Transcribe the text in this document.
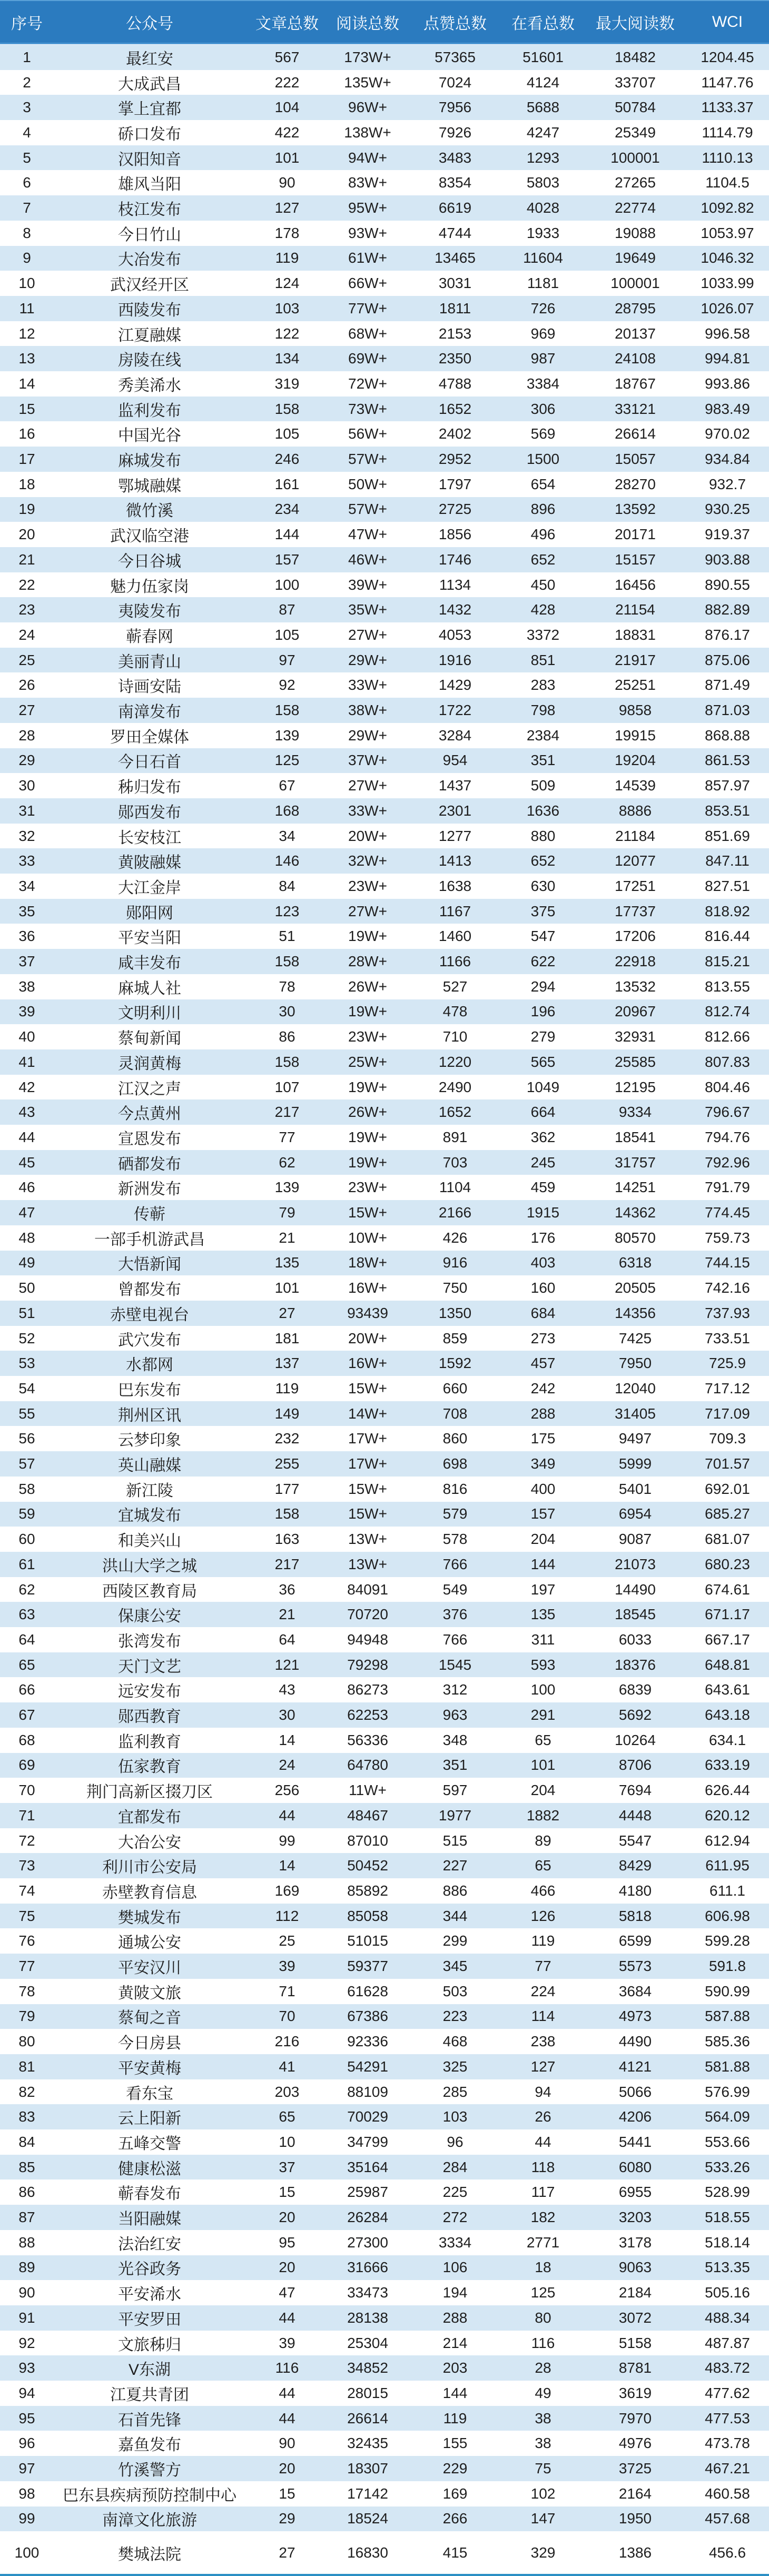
序号	公众号	文章总数	阅读总数	点赞总数	在看总数	最大阅读数	WCI
1	最红安	567	173W+	57365	51601	18482	1204.45
2	大成武昌	222	135W+	7024	4124	33707	1147.76
3	掌上宜都	104	96W+	7956	5688	50784	1133.37
4	硚口发布	422	138W+	7926	4247	25349	1114.79
5	汉阳知音	101	94W+	3483	1293	100001	1110.13
6	雄风当阳	90	83W+	8354	5803	27265	1104.5
7	枝江发布	127	95W+	6619	4028	22774	1092.82
8	今日竹山	178	93W+	4744	1933	19088	1053.97
9	大冶发布	119	61W+	13465	11604	19649	1046.32
10	武汉经开区	124	66W+	3031	1181	100001	1033.99
11	西陵发布	103	77W+	1811	726	28795	1026.07
12	江夏融媒	122	68W+	2153	969	20137	996.58
13	房陵在线	134	69W+	2350	987	24108	994.81
14	秀美浠水	319	72W+	4788	3384	18767	993.86
15	监利发布	158	73W+	1652	306	33121	983.49
16	中国光谷	105	56W+	2402	569	26614	970.02
17	麻城发布	246	57W+	2952	1500	15057	934.84
18	鄂城融媒	161	50W+	1797	654	28270	932.7
19	微竹溪	234	57W+	2725	896	13592	930.25
20	武汉临空港	144	47W+	1856	496	20171	919.37
21	今日谷城	157	46W+	1746	652	15157	903.88
22	魅力伍家岗	100	39W+	1134	450	16456	890.55
23	夷陵发布	87	35W+	1432	428	21154	882.89
24	蕲春网	105	27W+	4053	3372	18831	876.17
25	美丽青山	97	29W+	1916	851	21917	875.06
26	诗画安陆	92	33W+	1429	283	25251	871.49
27	南漳发布	158	38W+	1722	798	9858	871.03
28	罗田全媒体	139	29W+	3284	2384	19915	868.88
29	今日石首	125	37W+	954	351	19204	861.53
30	秭归发布	67	27W+	1437	509	14539	857.97
31	郧西发布	168	33W+	2301	1636	8886	853.51
32	长安枝江	34	20W+	1277	880	21184	851.69
33	黄陂融媒	146	32W+	1413	652	12077	847.11
34	大江金岸	84	23W+	1638	630	17251	827.51
35	郧阳网	123	27W+	1167	375	17737	818.92
36	平安当阳	51	19W+	1460	547	17206	816.44
37	咸丰发布	158	28W+	1166	622	22918	815.21
38	麻城人社	78	26W+	527	294	13532	813.55
39	文明利川	30	19W+	478	196	20967	812.74
40	蔡甸新闻	86	23W+	710	279	32931	812.66
41	灵润黄梅	158	25W+	1220	565	25585	807.83
42	江汉之声	107	19W+	2490	1049	12195	804.46
43	今点黄州	217	26W+	1652	664	9334	796.67
44	宣恩发布	77	19W+	891	362	18541	794.76
45	硒都发布	62	19W+	703	245	31757	792.96
46	新洲发布	139	23W+	1104	459	14251	791.79
47	传蕲	79	15W+	2166	1915	14362	774.45
48	一部手机游武昌	21	10W+	426	176	80570	759.73
49	大悟新闻	135	18W+	916	403	6318	744.15
50	曾都发布	101	16W+	750	160	20505	742.16
51	赤壁电视台	27	93439	1350	684	14356	737.93
52	武穴发布	181	20W+	859	273	7425	733.51
53	水都网	137	16W+	1592	457	7950	725.9
54	巴东发布	119	15W+	660	242	12040	717.12
55	荆州区讯	149	14W+	708	288	31405	717.09
56	云梦印象	232	17W+	860	175	9497	709.3
57	英山融媒	255	17W+	698	349	5999	701.57
58	新江陵	177	15W+	816	400	5401	692.01
59	宜城发布	158	15W+	579	157	6954	685.27
60	和美兴山	163	13W+	578	204	9087	681.07
61	洪山大学之城	217	13W+	766	144	21073	680.23
62	西陵区教育局	36	84091	549	197	14490	674.61
63	保康公安	21	70720	376	135	18545	671.17
64	张湾发布	64	94948	766	311	6033	667.17
65	天门文艺	121	79298	1545	593	18376	648.81
66	远安发布	43	86273	312	100	6839	643.61
67	郧西教育	30	62253	963	291	5692	643.18
68	监利教育	14	56336	348	65	10264	634.1
69	伍家教育	24	64780	351	101	8706	633.19
70	荆门高新区掇刀区	256	11W+	597	204	7694	626.44
71	宜都发布	44	48467	1977	1882	4448	620.12
72	大冶公安	99	87010	515	89	5547	612.94
73	利川市公安局	14	50452	227	65	8429	611.95
74	赤壁教育信息	169	85892	886	466	4180	611.1
75	樊城发布	112	85058	344	126	5818	606.98
76	通城公安	25	51015	299	119	6599	599.28
77	平安汉川	39	59377	345	77	5573	591.8
78	黄陂文旅	71	61628	503	224	3684	590.99
79	蔡甸之音	70	67386	223	114	4973	587.88
80	今日房县	216	92336	468	238	4490	585.36
81	平安黄梅	41	54291	325	127	4121	581.88
82	看东宝	203	88109	285	94	5066	576.99
83	云上阳新	65	70029	103	26	4206	564.09
84	五峰交警	10	34799	96	44	5441	553.66
85	健康松滋	37	35164	284	118	6080	533.26
86	蕲春发布	15	25987	225	117	6955	528.99
87	当阳融媒	20	26284	272	182	3203	518.55
88	法治红安	95	27300	3334	2771	3178	518.14
89	光谷政务	20	31666	106	18	9063	513.35
90	平安浠水	47	33473	194	125	2184	505.16
91	平安罗田	44	28138	288	80	3072	488.34
92	文旅秭归	39	25304	214	116	5158	487.87
93	V东湖	116	34852	203	28	8781	483.72
94	江夏共青团	44	28015	144	49	3619	477.62
95	石首先锋	44	26614	119	38	7970	477.53
96	嘉鱼发布	90	32435	155	38	4976	473.78
97	竹溪警方	20	18307	229	75	3725	467.21
98	巴东县疾病预防控制中心	15	17142	169	102	2164	460.58
99	南漳文化旅游	29	18524	266	147	1950	457.68
100	樊城法院	27	16830	415	329	1386	456.6
